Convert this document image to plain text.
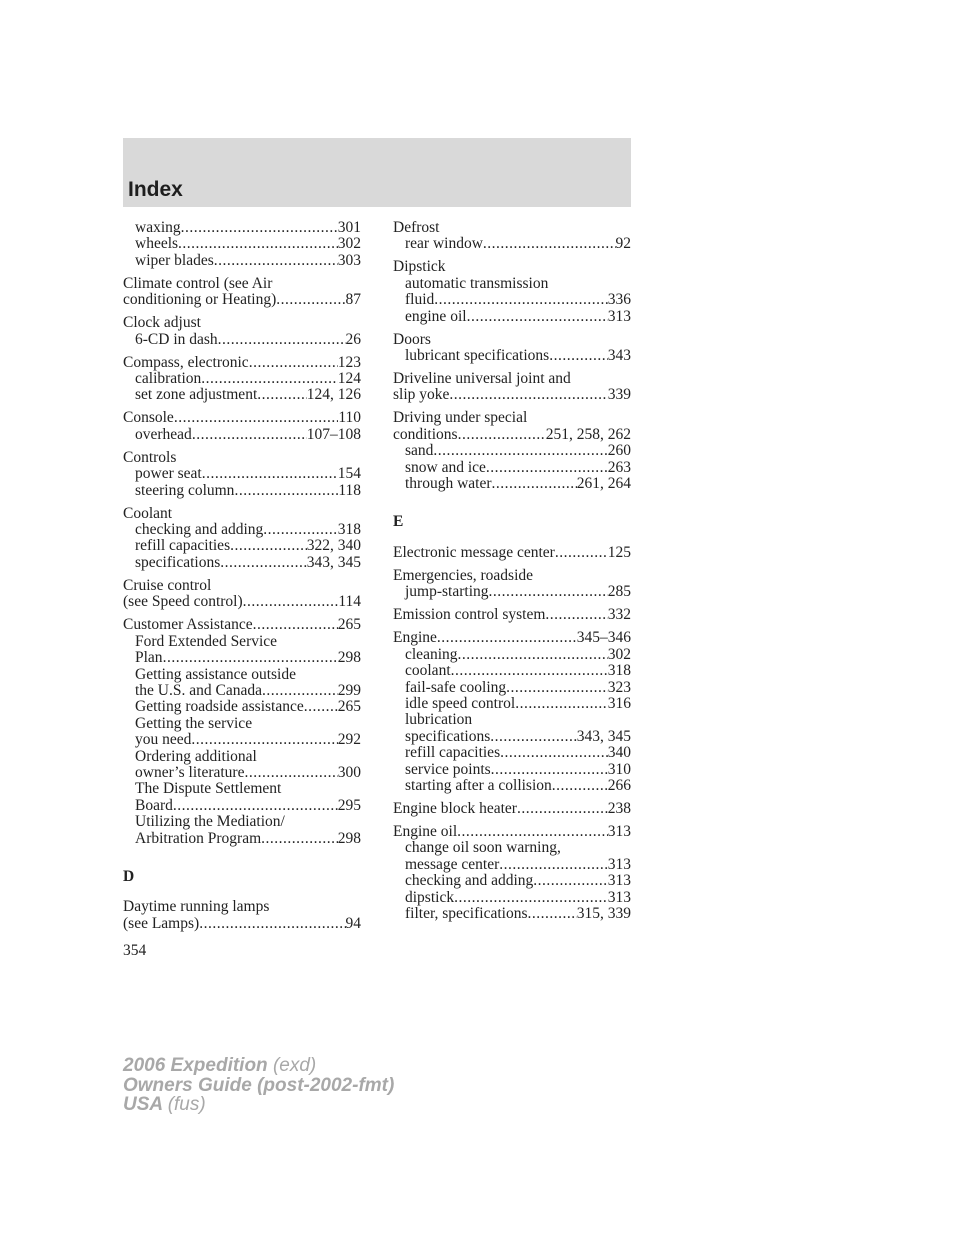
Index
waxing .....	301
wheels .....	302
wiper blades .....	303
Climate control (see Air
conditioning or Heating) .....	87
Clock adjust
6-CD in dash .....	26
Compass, electronic .....	123
calibration .....	124
set zone adjustment .....	124, 126
Console .....	110
overhead .....	107–108
Controls
power seat .....	154
steering column .....	118
Coolant
checking and adding .....	318
refill capacities .....	322, 340
specifications .....	343, 345
Cruise control
(see Speed control) .....	114
Customer Assistance .....	265
Ford Extended Service
Plan .....	298
Getting assistance outside
the U.S. and Canada .....	299
Getting roadside assistance ..... 265
Getting the service
you need .....	292
Ordering additional
owner’s literature .....	300
The Dispute Settlement
Board .....	295
Utilizing the Mediation/
Arbitration Program .....	298
D
Daytime running lamps
(see Lamps) .....	94
Defrost
rear window .....	92
Dipstick
automatic transmission
fluid .....	336
engine oil .....	313
Doors
lubricant specifications .....	343
Driveline universal joint and
slip yoke .....	339
Driving under special
conditions .....	251, 258, 262
sand .....	260
snow and ice .....	263
through water .....	261, 264
E
Electronic message center .....	125
Emergencies, roadside
jump-starting .....	285
Emission control system .....	332
Engine .....	345–346
cleaning .....	302
coolant .....	318
fail-safe cooling .....	323
idle speed control .....	316
lubrication
specifications .....	343, 345
refill capacities .....	340
service points .....	310
starting after a collision .....	266
Engine block heater .....	238
Engine oil .....	313
change oil soon warning,
message center .....	313
checking and adding .....	313
dipstick .....	313
filter, specifications .....	315, 339
354
2006 Expedition (exd)
Owners Guide (post-2002-fmt)
USA (fus)
